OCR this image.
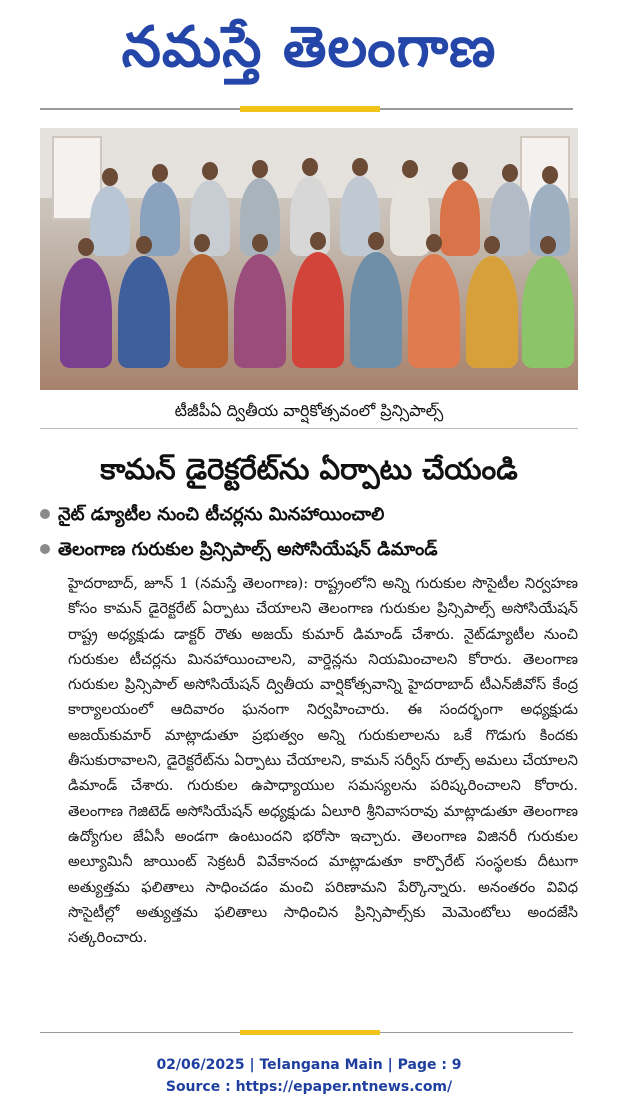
నమస్తే తెలంగాణ
టీజీపీఏ ద్వితీయ వార్షికోత్సవంలో ప్రిన్సిపాల్స్
కామన్ డైరెక్టరేట్‌ను ఏర్పాటు చేయండి
నైట్ డ్యూటీల నుంచి టీచర్లను మినహాయించాలి
తెలంగాణ గురుకుల ప్రిన్సిపాల్స్ అసోసియేషన్ డిమాండ్
హైదరాబాద్, జూన్ 1 (నమస్తే తెలంగాణ): రాష్ట్రంలోని అన్ని గురుకుల సొసైటీల నిర్వహణ కోసం కామన్ డైరెక్టరేట్ ఏర్పాటు చేయాలని తెలంగాణ గురుకుల ప్రిన్సిపాల్స్ అసోసియేషన్ రాష్ట్ర అధ్యక్షుడు డాక్టర్ రౌతు అజయ్ కుమార్ డిమాండ్ చేశారు. నైట్‌డ్యూటీల నుంచి గురుకుల టీచర్లను మినహాయించాలని, వార్డెన్లను నియమించాలని కోరారు. తెలంగాణ గురుకుల ప్రిన్సిపాల్ అసోసియేషన్ ద్వితీయ వార్షికోత్సవాన్ని హైదరాబాద్ టీఎన్‌జీవోస్ కేంద్ర కార్యాలయంలో ఆదివారం ఘనంగా నిర్వహించారు. ఈ సందర్భంగా అధ్యక్షుడు అజయ్‌కుమార్ మాట్లాడుతూ ప్రభుత్వం అన్ని గురుకులాలను ఒకే గొడుగు కిందకు తీసుకురావాలని, డైరెక్టరేట్‌ను ఏర్పాటు చేయాలని, కామన్ సర్వీస్ రూల్స్ అమలు చేయాలని డిమాండ్ చేశారు. గురుకుల ఉపాధ్యాయుల సమస్యలను పరిష్కరించాలని కోరారు. తెలంగాణ గెజిటెడ్ అసోసియేషన్ అధ్యక్షుడు ఏలూరి శ్రీనివాసరావు మాట్లాడుతూ తెలంగాణ ఉద్యోగుల జేఏసీ అండగా ఉంటుందని భరోసా ఇచ్చారు. తెలంగాణ విజినరీ గురుకుల అల్యూమినీ జాయింట్ సెక్రటరీ వివేకానంద మాట్లాడుతూ కార్పొరేట్ సంస్థలకు దీటుగా అత్యుత్తమ ఫలితాలు సాధించడం మంచి పరిణామని పేర్కొన్నారు. అనంతరం వివిధ సొసైటీల్లో అత్యుత్తమ ఫలితాలు సాధించిన ప్రిన్సిపాల్స్‌కు మెమెంటోలు అందజేసి సత్కరించారు.
02/06/2025 | Telangana Main | Page : 9
Source : https://epaper.ntnews.com/
